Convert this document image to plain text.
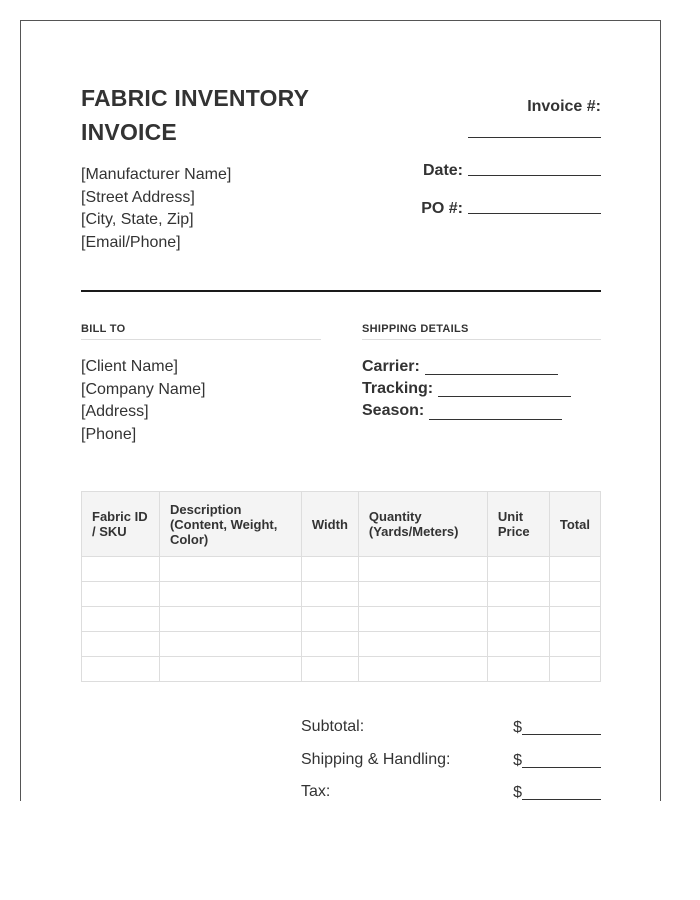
FABRIC INVENTORY
INVOICE
[Manufacturer Name]
[Street Address]
[City, State, Zip]
[Email/Phone]
Invoice #:
Date:
PO #:
BILL TO	SHIPPING DETAILS
[Client Name]
[Company Name]
[Address]
[Phone]
Carrier:
Tracking:
Season:
Fabric ID / SKU	Description (Content, Weight, Color)	Width	Quantity (Yards/Meters)	Unit Price	Total

Subtotal:	$
Shipping & Handling:	$
Tax:	$
